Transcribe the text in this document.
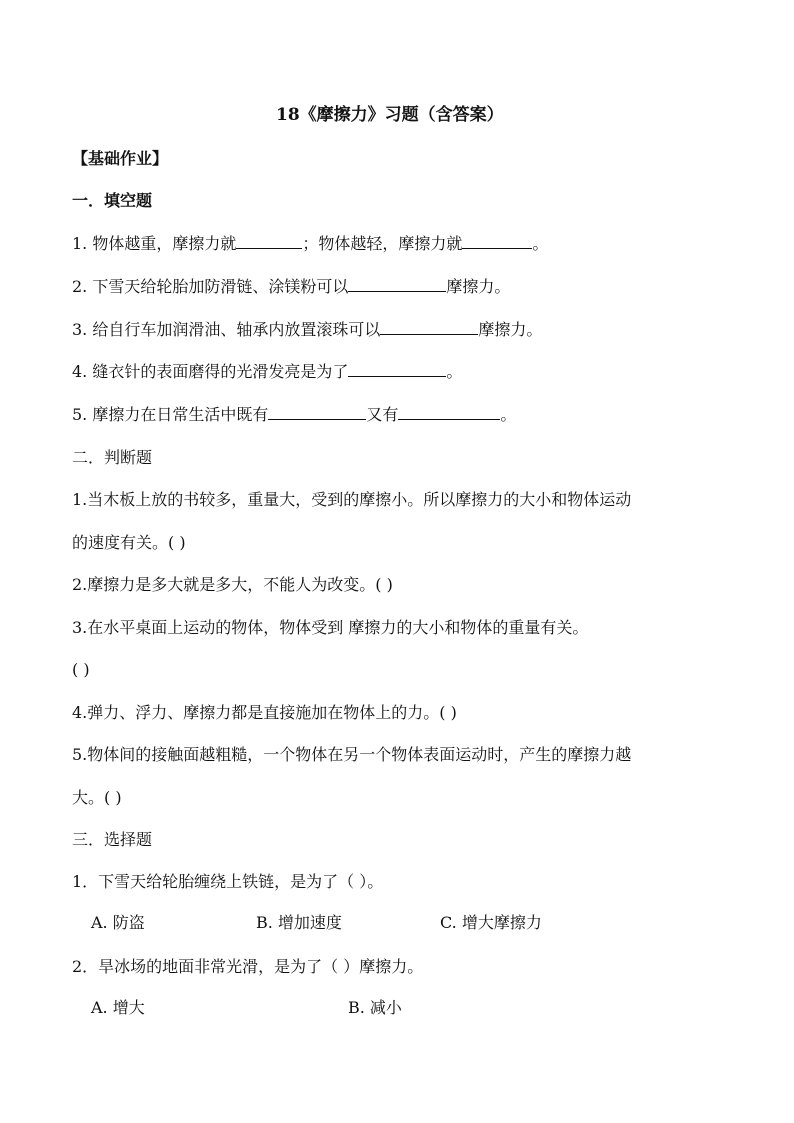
18《摩擦力》习题（含答案）
【基础作业】
一．填空题
1. 物体越重，摩擦力就	；物体越轻，摩擦力就	。
2. 下雪天给轮胎加防滑链、涂镁粉可以	摩擦力。
3. 给自行车加润滑油、轴承内放置滚珠可以	摩擦力。
4. 缝衣针的表面磨得的光滑发亮是为了	。
5. 摩擦力在日常生活中既有	又有	。
二．判断题
1.当木板上放的书较多，重量大，受到的摩擦小。所以摩擦力的大小和物体运动
的速度有关。( )
2.摩擦力是多大就是多大，不能人为改变。( )
3.在水平桌面上运动的物体，物体受到 摩擦力的大小和物体的重量有关。
( )
4.弹力、浮力、摩擦力都是直接施加在物体上的力。( )
5.物体间的接触面越粗糙，一个物体在另一个物体表面运动时，产生的摩擦力越
大。( )
三．选择题
1．下雪天给轮胎缠绕上铁链，是为了（ ）。
A. 防盗	B. 增加速度	C. 增大摩擦力
2．旱冰场的地面非常光滑，是为了（ ）摩擦力。
A. 增大	B. 减小
